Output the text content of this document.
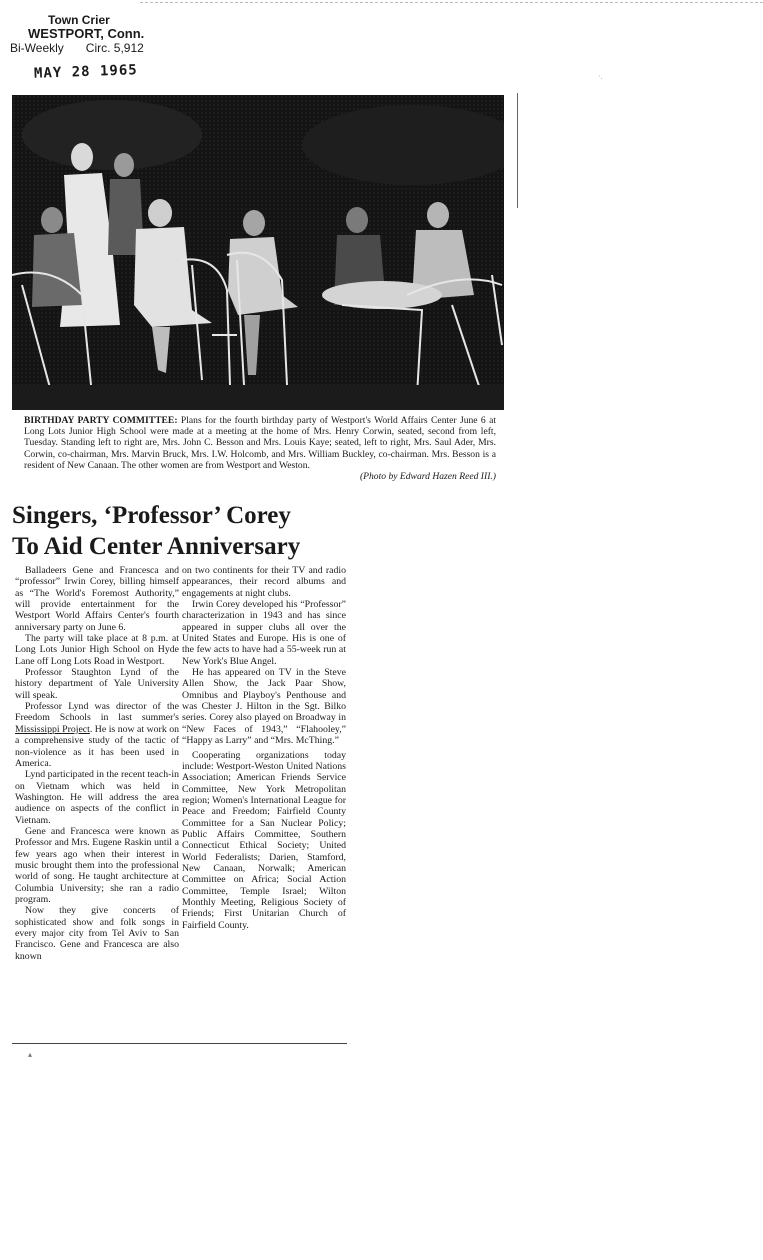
·.
Town Crier
WESTPORT, Conn.
Bi-Weekly Circ. 5,912
MAY 28 1965
BIRTHDAY PARTY COMMITTEE: Plans for the fourth birthday party of Westport's World Affairs Center June 6 at Long Lots Junior High School were made at a meeting at the home of Mrs. Henry Corwin, seated, second from left, Tuesday. Standing left to right are, Mrs. John C. Besson and Mrs. Louis Kaye; seated, left to right, Mrs. Saul Ader, Mrs. Corwin, co-chairman, Mrs. Marvin Bruck, Mrs. I.W. Holcomb, and Mrs. William Buckley, co-chairman. Mrs. Besson is a resident of New Canaan. The other women are from Westport and Weston.
(Photo by Edward Hazen Reed III.)
Singers, ‘Professor’ Corey
To Aid Center Anniversary

Balladeers Gene and Francesca and “professor” Irwin Corey, billing himself as “The World's Foremost Authority,” will provide entertainment for the Westport World Affairs Center's fourth anniversary party on June 6.

The party will take place at 8 p.m. at Long Lots Junior High School on Hyde Lane off Long Lots Road in Westport.

Professor Staughton Lynd of the history department of Yale University will speak.

Professor Lynd was director of the Freedom Schools in last summer's Mississippi Project. He is now at work on a comprehensive study of the tactic of non-violence as it has been used in America.

Lynd participated in the recent teach-in on Vietnam which was held in Washington. He will address the area audience on aspects of the conflict in Vietnam.

Gene and Francesca were known as Professor and Mrs. Eugene Raskin until a few years ago when their interest in music brought them into the professional world of song. He taught architecture at Columbia University; she ran a radio program.

Now they give concerts of sophisticated show and folk songs in every major city from Tel Aviv to San Francisco. Gene and Francesca are also known

on two continents for their TV and radio appearances, their record albums and engagements at night clubs.

Irwin Corey developed his “Professor” characterization in 1943 and has since appeared in supper clubs all over the United States and Europe. His is one of the few acts to have had a 55-week run at New York's Blue Angel.

He has appeared on TV in the Steve Allen Show, the Jack Paar Show, Omnibus and Playboy's Penthouse and was Chester J. Hilton in the Sgt. Bilko series. Corey also played on Broadway in “New Faces of 1943,” “Flahooley,” “Happy as Larry” and “Mrs. McThing.”

Cooperating organizations today include: Westport-Weston United Nations Association; American Friends Service Committee, New York Metropolitan region; Women's International League for Peace and Freedom; Fairfield County Committee for a San Nuclear Policy; Public Affairs Committee, Southern Connecticut Ethical Society; United World Federalists; Darien, Stamford, New Canaan, Norwalk; American Committee on Africa; Social Action Committee, Temple Israel; Wilton Monthly Meeting, Religious Society of Friends; First Unitarian Church of Fairfield County.

▴
